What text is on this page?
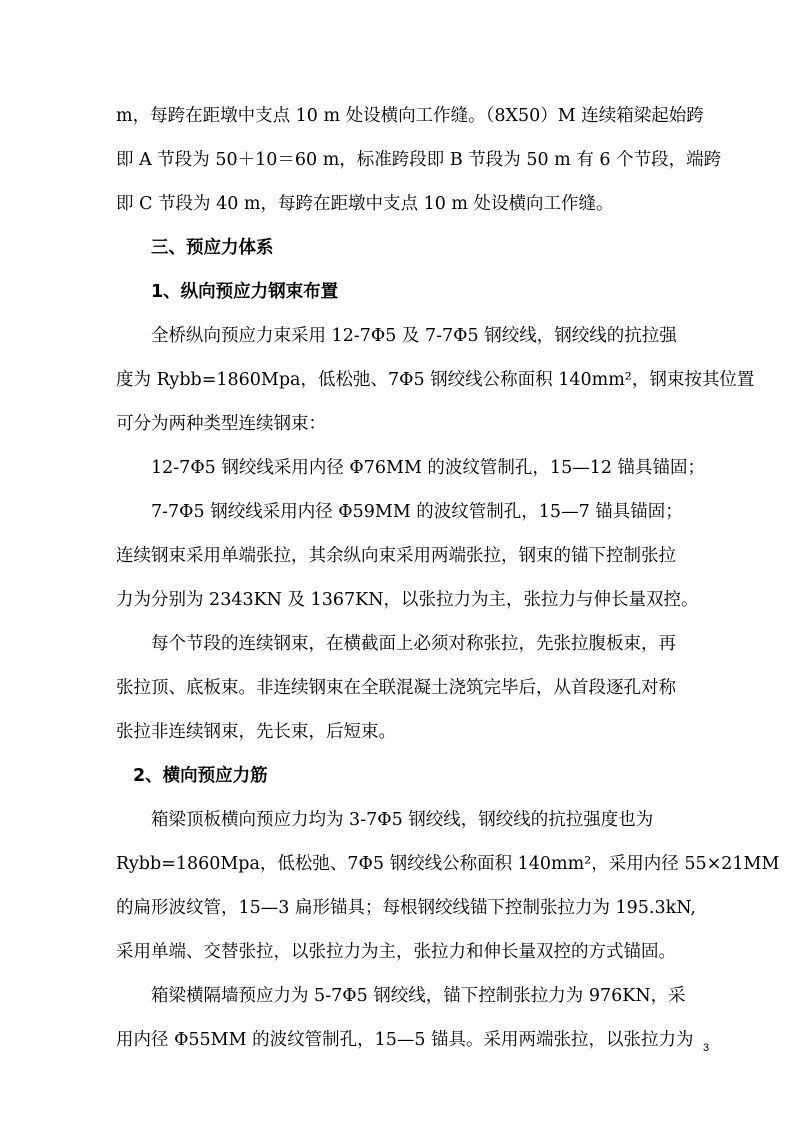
m，每跨在距墩中支点 10 m 处设横向工作缝。（8X50）M 连续箱梁起始跨
即 A 节段为 50＋10＝60 m，标准跨段即 B 节段为 50 m 有 6 个节段，端跨
即 C 节段为 40 m，每跨在距墩中支点 10 m 处设横向工作缝。
三、预应力体系
1、纵向预应力钢束布置
全桥纵向预应力束采用 12-7Φ5 及 7-7Φ5 钢绞线，钢绞线的抗拉强
度为 Rybb=1860Mpa，低松弛、7Φ5 钢绞线公称面积 140mm²，钢束按其位置
可分为两种类型连续钢束：
12-7Φ5 钢绞线采用内径 Φ76MM 的波纹管制孔，15—12 锚具锚固；
7-7Φ5 钢绞线采用内径 Φ59MM 的波纹管制孔，15—7 锚具锚固；
连续钢束采用单端张拉，其余纵向束采用两端张拉，钢束的锚下控制张拉
力为分别为 2343KN 及 1367KN，以张拉力为主，张拉力与伸长量双控。
每个节段的连续钢束，在横截面上必须对称张拉，先张拉腹板束，再
张拉顶、底板束。非连续钢束在全联混凝土浇筑完毕后，从首段逐孔对称
张拉非连续钢束，先长束，后短束。
2、横向预应力筋
箱梁顶板横向预应力均为 3-7Φ5 钢绞线，钢绞线的抗拉强度也为
Rybb=1860Mpa，低松弛、7Φ5 钢绞线公称面积 140mm²，采用内径 55×21MM
的扁形波纹管，15—3 扁形锚具；每根钢绞线锚下控制张拉力为 195.3kN,
采用单端、交替张拉，以张拉力为主，张拉力和伸长量双控的方式锚固。
箱梁横隔墙预应力为 5-7Φ5 钢绞线，锚下控制张拉力为 976KN，采
用内径 Φ55MM 的波纹管制孔，15—5 锚具。采用两端张拉，以张拉力为 3
